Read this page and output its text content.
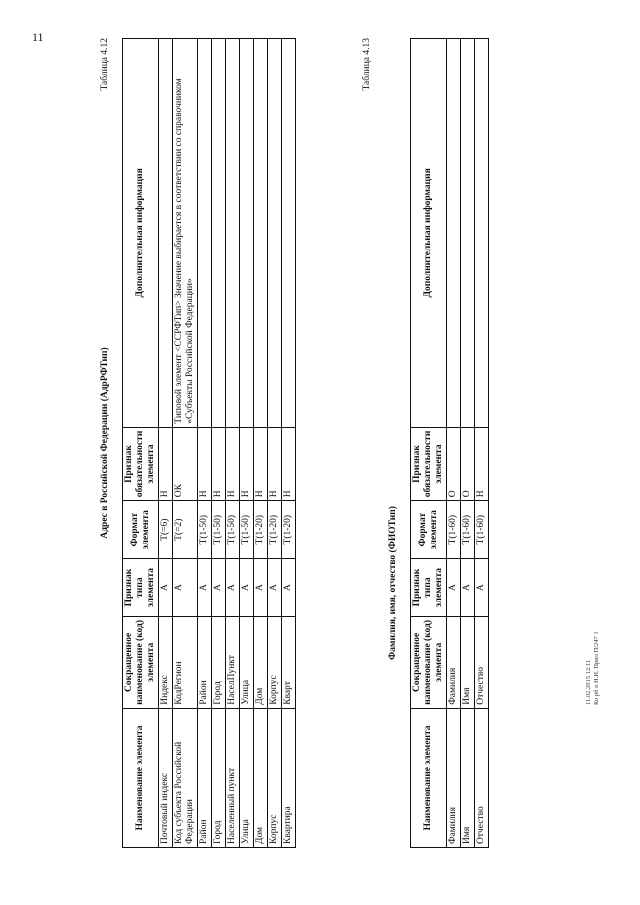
11
Таблица 4.12
Адрес в Российской Федерации (АдрРФТип)
Наименование элемента	Сокращенное наименование (код) элемента	Признак типа элемента	Формат элемента	Признак обязательности элемента	Дополнительная информация
Почтовый индекс	Индекс	А	Т(=6)	Н	
Код субъекта Российской Федерации	КодРегион	А	Т(=2)	ОК	Типовой элемент <ССРФТип> Значение выбирается в соответствии со справочником «Субъекты Российской Федерации»
Район	Район	А	Т(1-50)	Н	
Город	Город	А	Т(1-50)	Н	
Населенный пункт	НаселПункт	А	Т(1-50)	Н	
Улица	Улица	А	Т(1-50)	Н	
Дом	Дом	А	Т(1-20)	Н	
Корпус	Корпус	А	Т(1-20)	Н	
Квартира	Кварт	А	Т(1-20)	Н	
Таблица 4.13
Фамилия, имя, отчество (ФИОТип)
Наименование элемента	Сокращенное наименование (код) элемента	Признак типа элемента	Формат элемента	Признак обязательности элемента	Дополнительная информация
Фамилия	Фамилия	А	Т(1-60)	О	
Имя	Имя	А	Т(1-60)	О	
Отчество	Отчество	А	Т(1-60)	Н	
11.02.2015 12:11 Ко рб о Н.И. Прил П/247 1
